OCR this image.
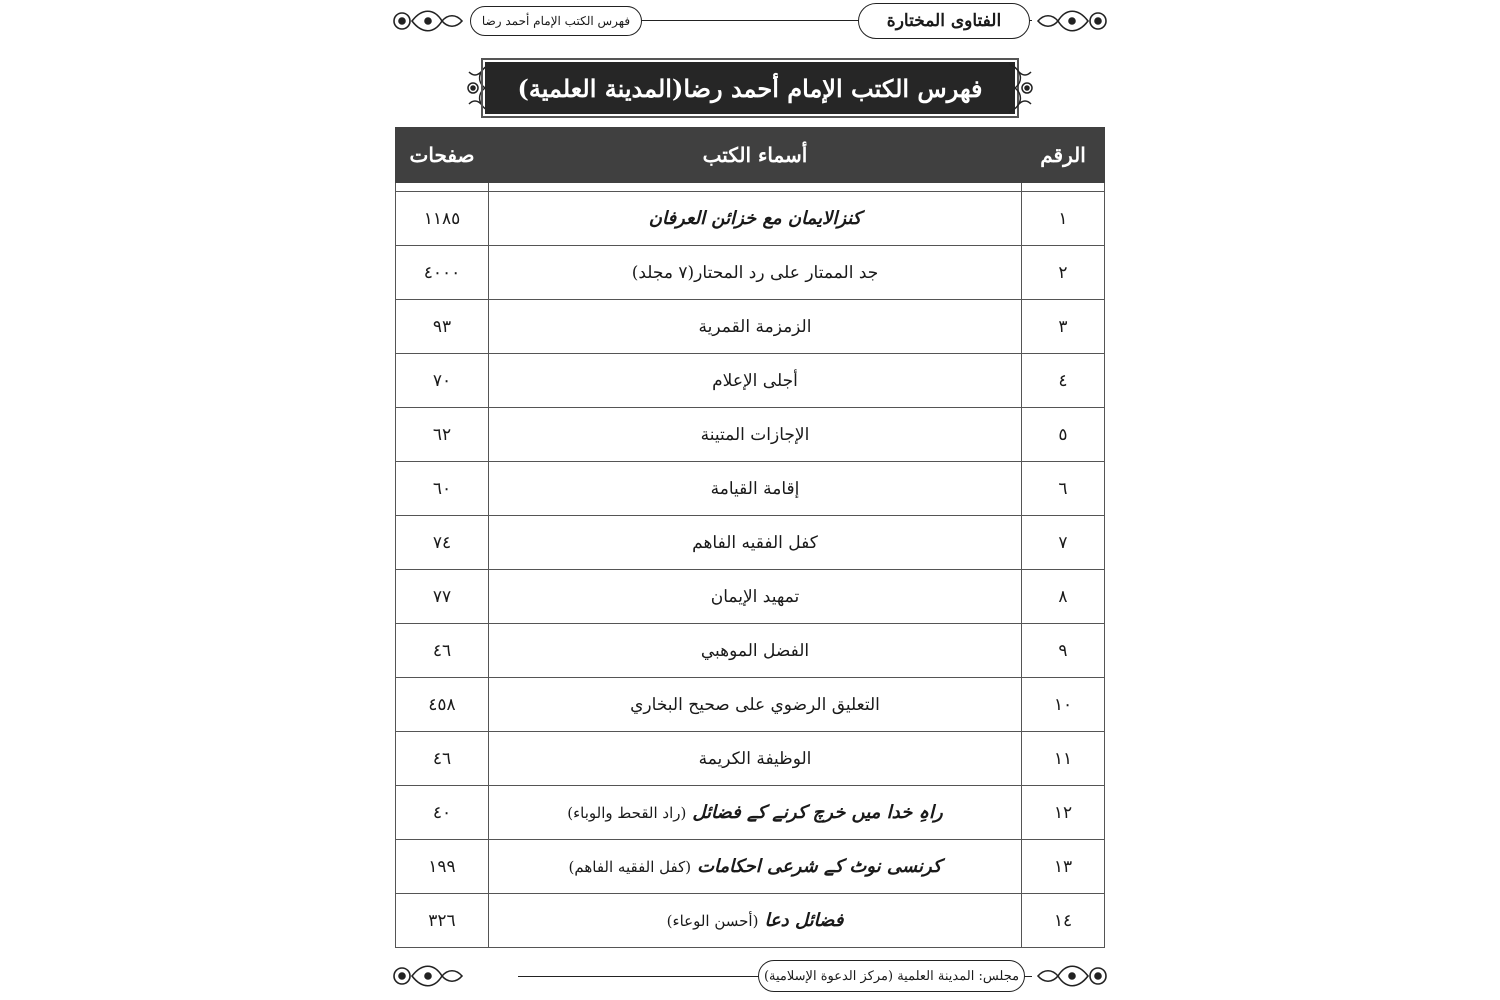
فهرس الكتب الإمام أحمد رضا	الفتاوى المختارة
فهرس الكتب الإمام أحمد رضا(المدينة العلمية)
الرقم	أسماء الكتب	صفحات

١	کنزالایمان مع خزائن العرفان	١١٨٥
٢	جد الممتار على رد المحتار(٧ مجلد)	٤٠٠٠
٣	الزمزمة القمرية	٩٣
٤	أجلى الإعلام	٧٠
٥	الإجازات المتينة	٦٢
٦	إقامة القيامة	٦٠
٧	كفل الفقيه الفاهم	٧٤
٨	تمهيد الإيمان	٧٧
٩	الفضل الموهبي	٤٦
١٠	التعليق الرضوي على صحيح البخاري	٤٥٨
١١	الوظيفة الكريمة	٤٦
١٢	راہِ خدا میں خرچ کرنے کے فضائل(راد القحط والوباء)	٤٠
١٣	کرنسی نوٹ کے شرعی احکامات(كفل الفقيه الفاهم)	١٩٩
١٤	فضائل دعا(أحسن الوعاء)	٣٢٦
مجلس: المدينة العلمية (مركز الدعوة الإسلامية)
